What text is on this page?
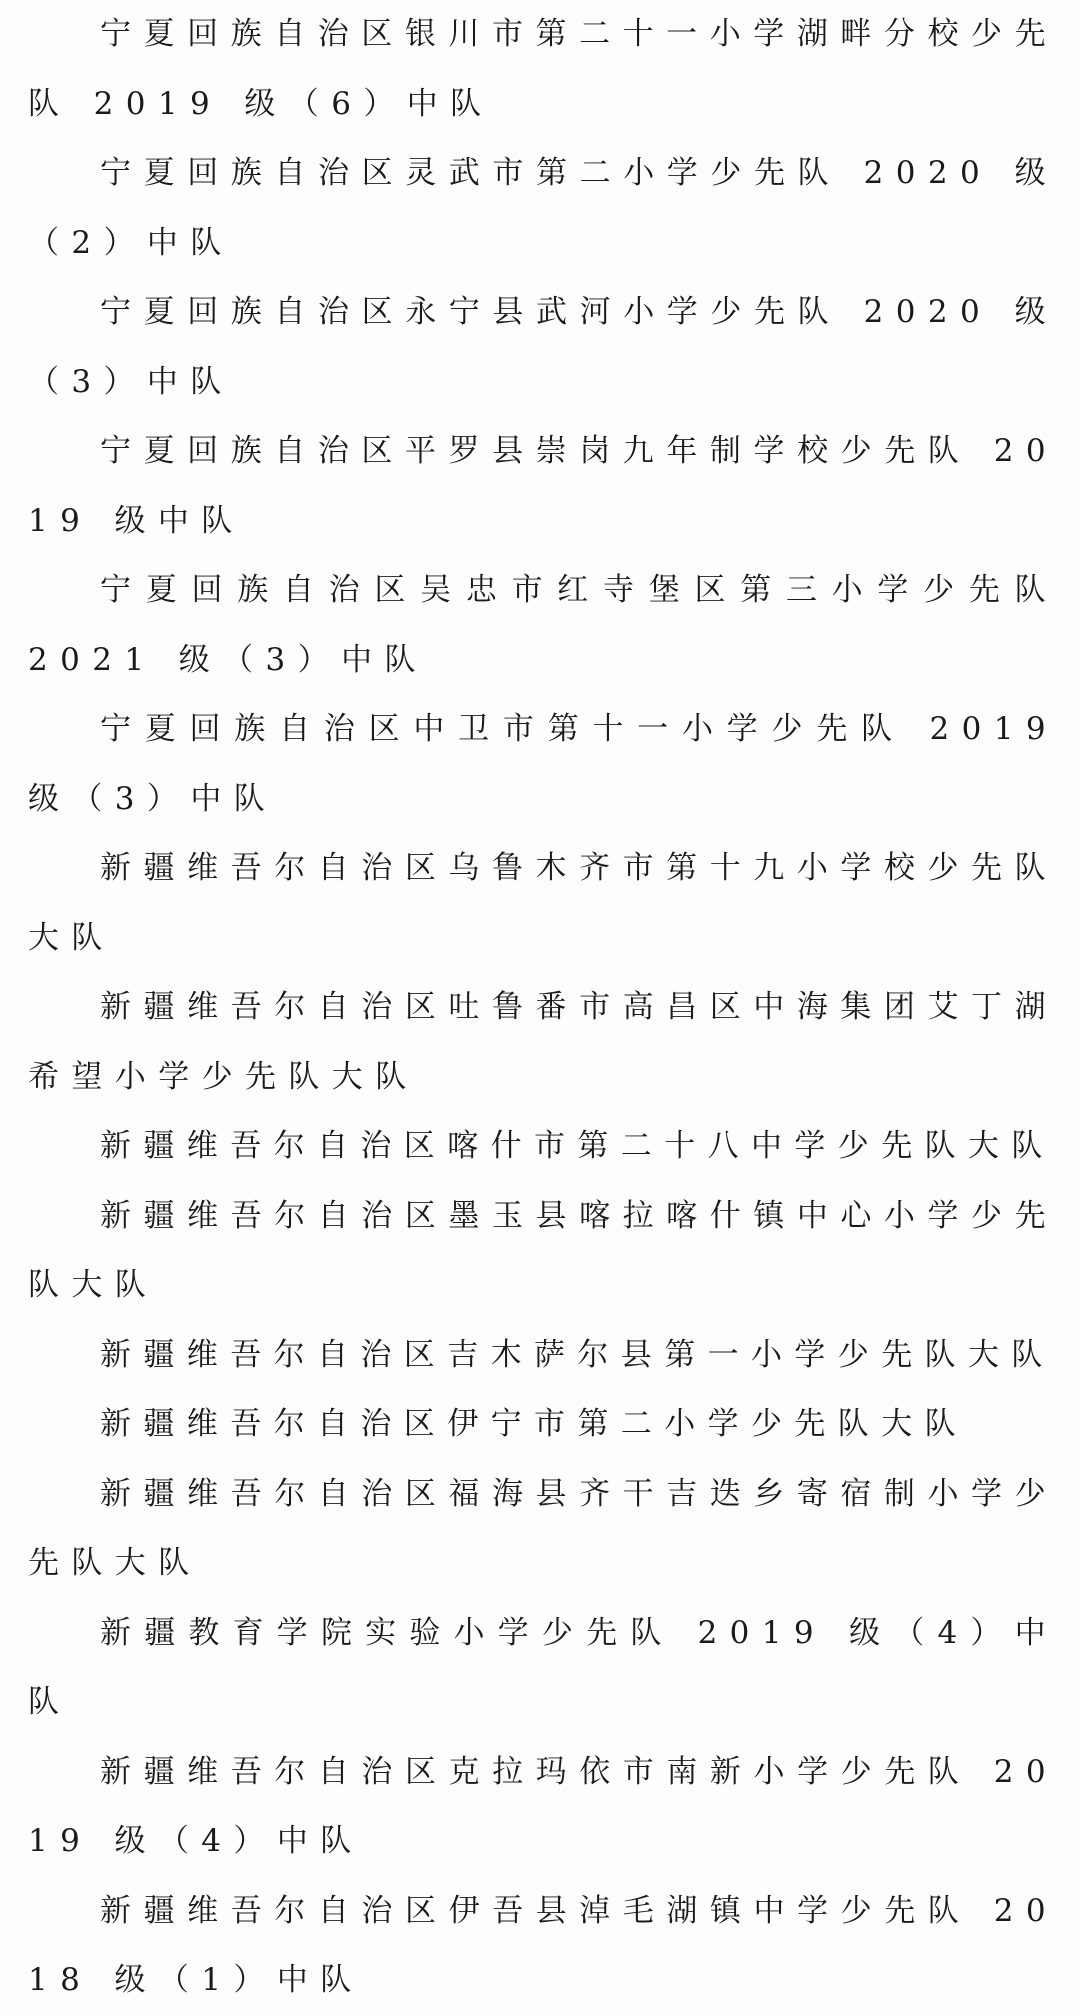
宁夏回族自治区银川市第二十一小学湖畔分校少先队 2019 级（6）中队

宁夏回族自治区灵武市第二小学少先队 2020 级（2）中队

宁夏回族自治区永宁县武河小学少先队 2020 级（3）中队

宁夏回族自治区平罗县崇岗九年制学校少先队 2019 级中队

宁夏回族自治区吴忠市红寺堡区第三小学少先队 2021 级（3）中队

宁夏回族自治区中卫市第十一小学少先队 2019 级（3）中队

新疆维吾尔自治区乌鲁木齐市第十九小学校少先队大队

新疆维吾尔自治区吐鲁番市高昌区中海集团艾丁湖希望小学少先队大队

新疆维吾尔自治区喀什市第二十八中学少先队大队

新疆维吾尔自治区墨玉县喀拉喀什镇中心小学少先队大队

新疆维吾尔自治区吉木萨尔县第一小学少先队大队

新疆维吾尔自治区伊宁市第二小学少先队大队

新疆维吾尔自治区福海县齐干吉迭乡寄宿制小学少先队大队

新疆教育学院实验小学少先队 2019 级（4）中队

新疆维吾尔自治区克拉玛依市南新小学少先队 2019 级（4）中队

新疆维吾尔自治区伊吾县淖毛湖镇中学少先队 2018 级（1）中队
